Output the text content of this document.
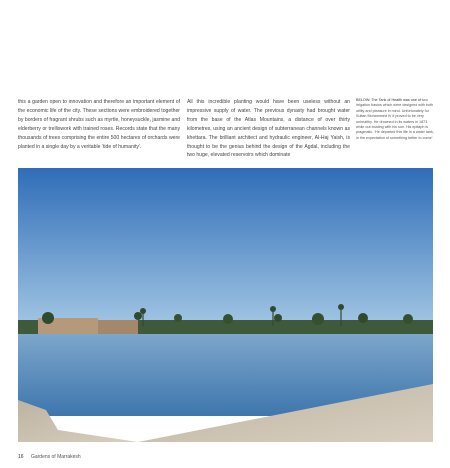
this a garden open to innovation and therefore an important element of the economic life of the city. These sections were embroidered together by borders of fragrant shrubs such as myrtle, honeysuckle, jasmine and elderberry or trelliswork with trained roses. Records state that the many thousands of trees comprising the entire 500 hectares of orchards were planted in a single day by a veritable ‘tide of humanity’.
All this incredible planting would have been useless without an impressive supply of water. The previous dynasty had brought water from the base of the Atlas Mountains, a distance of over thirty kilometres, using an ancient design of subterranean channels known as khettara. The brilliant architect and hydraulic engineer, Al-Haj Yaish, is thought to be the genius behind the design of the Agdal, including the two huge, elevated reservoirs which dominate
BELOW: The Tank of Health was one of two irrigation basins which were designed with both utility and pleasure in mind. Unfortunately for Sultan Mohammed IV it proved to be very unhealthy. He drowned in its waters in 1873 while out boating with his son. His epitaph is pragmatic. ‘He departed this life in a water tank, in the expectation of something better to come’.
16 Gardens of Marrakesh
